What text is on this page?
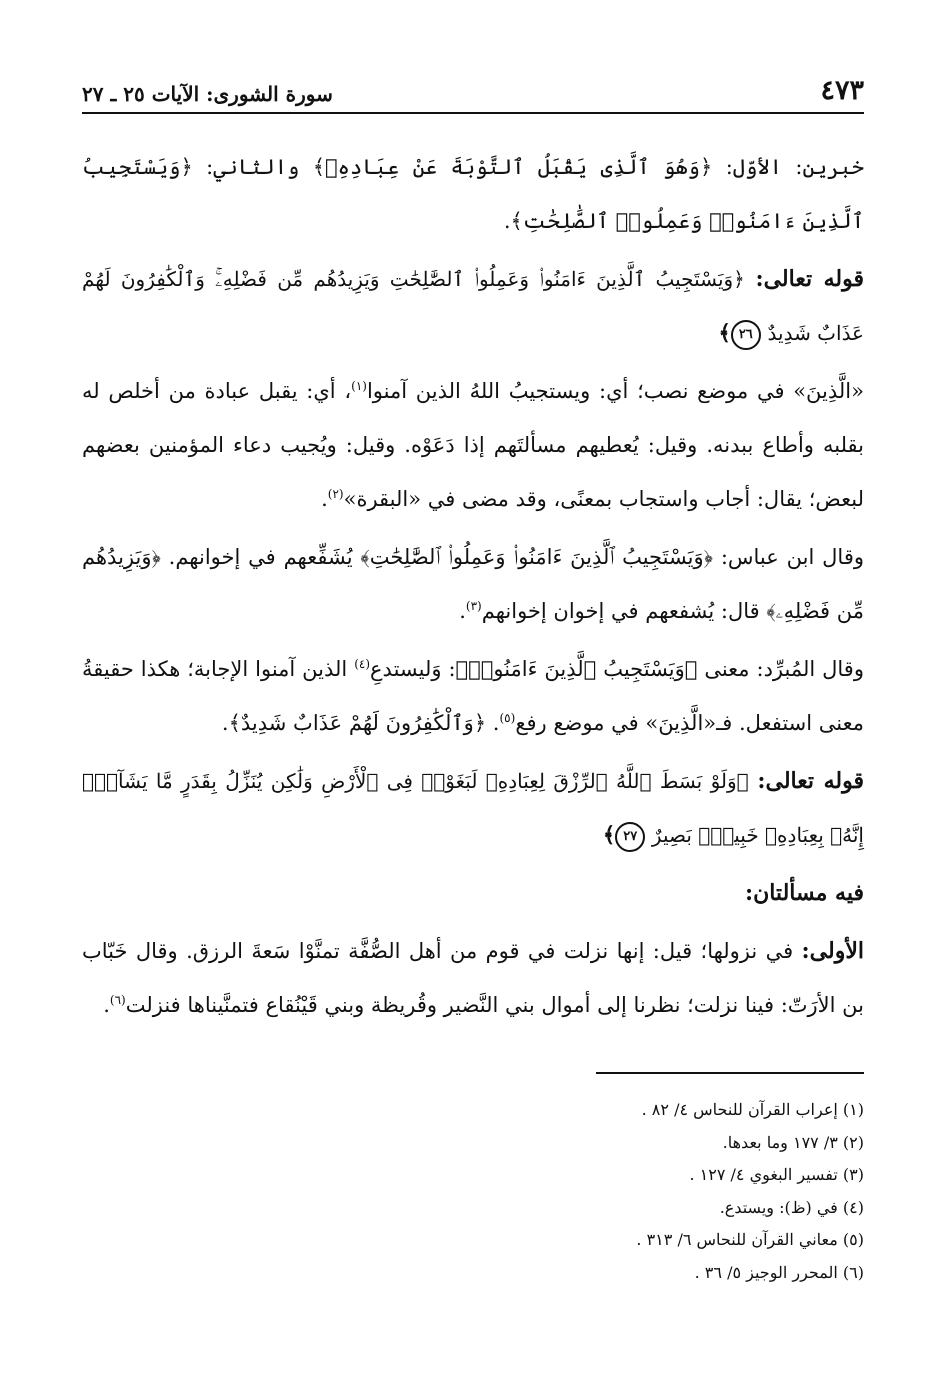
٤٧٣
سورة الشورى: الآيات ٢٥ ـ ٢٧

خبرين: الأوّل: ﴿وَهُوَ ٱلَّذِى يَقْبَلُ ٱلتَّوْبَةَ عَنْ عِبَادِهِۦ﴾ والثاني: ﴿وَيَسْتَجِيبُ ٱلَّذِينَ ءَامَنُوا۟ وَعَمِلُوا۟ ٱلصَّٰلِحَٰتِ﴾.

قوله تعالى: ﴿وَيَسْتَجِيبُ ٱلَّذِينَ ءَامَنُوا۟ وَعَمِلُوا۟ ٱلصَّٰلِحَٰتِ وَيَزِيدُهُم مِّن فَضْلِهِۦۚ وَٱلْكَٰفِرُونَ لَهُمْ عَذَابٌ شَدِيدٌ ٢٦﴾

«الَّذِينَ» في موضع نصب؛ أي: ويستجيبُ اللهُ الذين آمنوا$^{(١)}$، أي: يقبل عبادة من أخلص له بقلبه وأطاع ببدنه. وقيل: يُعطيهم مسألتَهم إذا دَعَوْه. وقيل: ويُجيب دعاء المؤمنين بعضهم لبعض؛ يقال: أجاب واستجاب بمعنًى، وقد مضى في «البقرة»$^{(٢)}$.

وقال ابن عباس: ﴿وَيَسْتَجِيبُ ٱلَّذِينَ ءَامَنُوا۟ وَعَمِلُوا۟ ٱلصَّٰلِحَٰتِ﴾ يُشَفِّعهم في إخوانهم. ﴿وَيَزِيدُهُم مِّن فَضْلِهِۦ﴾ قال: يُشفعهم في إخوان إخوانهم$^{(٣)}$.

وقال المُبرِّد: معنى ﴿وَيَسْتَجِيبُ ٱلَّذِينَ ءَامَنُوا۟﴾: وَليستدعِ$^{(٤)}$ الذين آمنوا الإجابة؛ هكذا حقيقةُ معنى استفعل. فـ«الَّذِينَ» في موضع رفع$^{(٥)}$. ﴿وَٱلْكَٰفِرُونَ لَهُمْ عَذَابٌ شَدِيدٌ﴾.

قوله تعالى: ﴿وَلَوْ بَسَطَ ٱللَّهُ ٱلرِّزْقَ لِعِبَادِهِۦ لَبَغَوْا۟ فِى ٱلْأَرْضِ وَلَٰكِن يُنَزِّلُ بِقَدَرٍ مَّا يَشَآءُۚ إِنَّهُۥ بِعِبَادِهِۦ خَبِيرٌۢ بَصِيرٌ ٢٧﴾

فيه مسألتان:

الأولى: في نزولها؛ قيل: إنها نزلت في قوم من أهل الصُّفَّة تمنَّوْا سَعةَ الرزق. وقال خَبّاب بن الأرَتّ: فينا نزلت؛ نظرنا إلى أموال بني النَّضير وقُريظة وبني قَيْنُقاع فتمنَّيناها فنزلت$^{(٦)}$.

(١) إعراب القرآن للنحاس ٤/ ٨٢ .
(٢) ٣/ ١٧٧ وما بعدها.
(٣) تفسير البغوي ٤/ ١٢٧ .
(٤) في (ظ): ويستدع.
(٥) معاني القرآن للنحاس ٦/ ٣١٣ .
(٦) المحرر الوجيز ٥/ ٣٦ .
